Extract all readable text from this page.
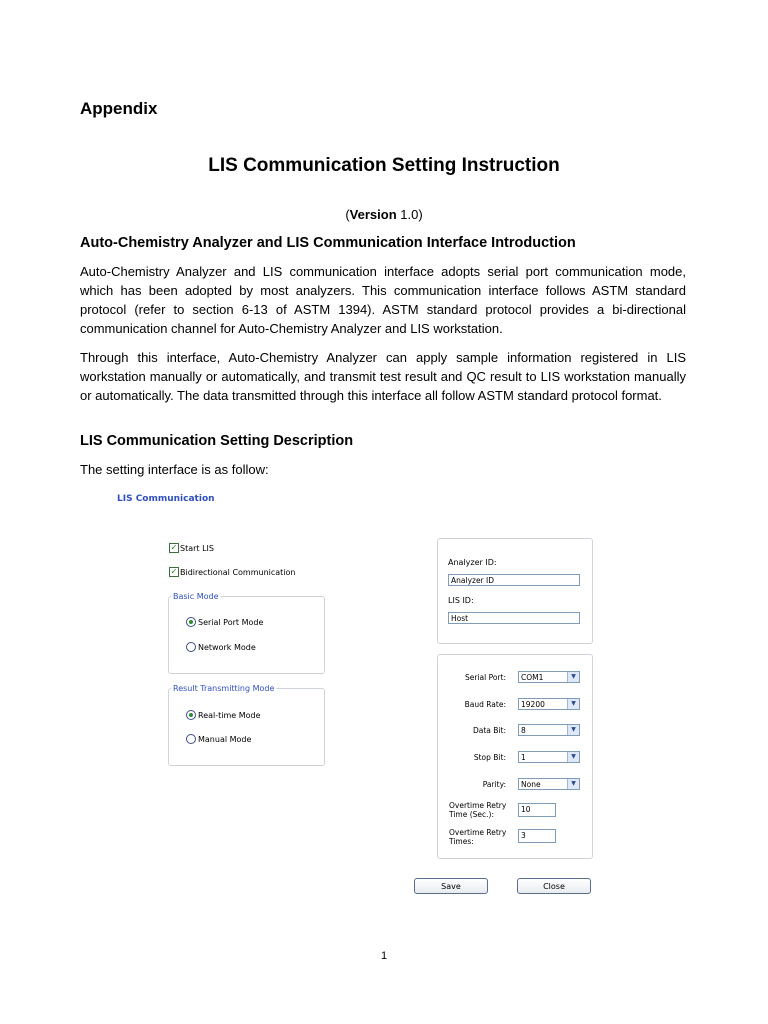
Appendix
LIS Communication Setting Instruction
(Version 1.0)
Auto-Chemistry Analyzer and LIS Communication Interface Introduction
Auto-Chemistry Analyzer and LIS communication interface adopts serial port communication mode, which has been adopted by most analyzers. This communication interface follows ASTM standard protocol (refer to section 6-13 of ASTM 1394). ASTM standard protocol provides a bi-directional communication channel for Auto-Chemistry Analyzer and LIS workstation.
Through this interface, Auto-Chemistry Analyzer can apply sample information registered in LIS workstation manually or automatically, and transmit test result and QC result to LIS workstation manually or automatically. The data transmitted through this interface all follow ASTM standard protocol format.
LIS Communication Setting Description
The setting interface is as follow:
LIS Communication
✓ Start LIS
✓ Bidirectional Communication
Basic Mode
Serial Port Mode
Network Mode
Result Transmitting Mode
Real-time Mode
Manual Mode
Analyzer ID:
Analyzer ID
LIS ID:
Host
Serial Port:	COM1	▼
Baud Rate:	19200	▼
Data Bit:	8	▼
Stop Bit:	1	▼
Parity:	None	▼
Overtime Retry
Time (Sec.):
10
Overtime Retry
Times:
3
Save	Close
1
